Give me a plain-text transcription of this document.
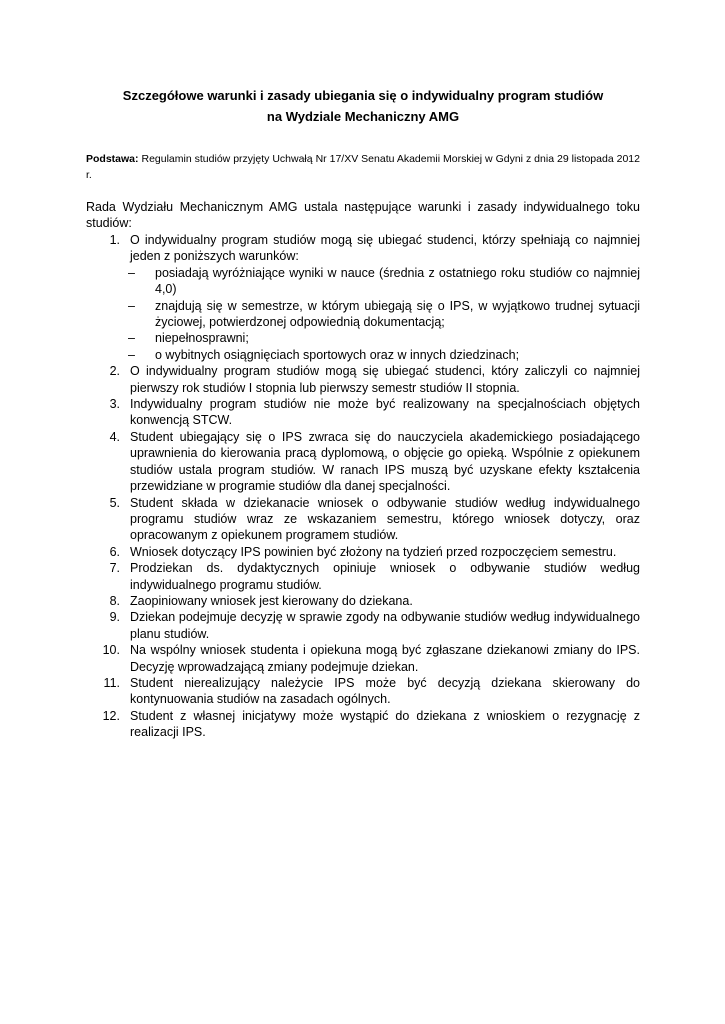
Szczegółowe warunki i zasady ubiegania się o indywidualny program studiów
na Wydziale Mechaniczny AMG
Podstawa: Regulamin studiów przyjęty Uchwałą Nr 17/XV Senatu Akademii Morskiej w Gdyni z dnia 29 listopada 2012 r.
Rada Wydziału Mechanicznym AMG ustala następujące warunki i zasady indywidualnego toku studiów:
1. O indywidualny program studiów mogą się ubiegać studenci, którzy spełniają co najmniej jeden z poniższych warunków:
– posiadają wyróżniające wyniki w nauce (średnia z ostatniego roku studiów co najmniej 4,0)
– znajdują się w semestrze, w którym ubiegają się o IPS, w wyjątkowo trudnej sytuacji życiowej, potwierdzonej odpowiednią dokumentacją;
– niepełnosprawni;
– o wybitnych osiągnięciach sportowych oraz w innych dziedzinach;
2. O indywidualny program studiów mogą się ubiegać studenci, który zaliczyli co najmniej pierwszy rok studiów I stopnia lub pierwszy semestr studiów II stopnia.
3. Indywidualny program studiów nie może być realizowany na specjalnościach objętych konwencją STCW.
4. Student ubiegający się o IPS zwraca się do nauczyciela akademickiego posiadającego uprawnienia do kierowania pracą dyplomową, o objęcie go opieką. Wspólnie z opiekunem studiów ustala program studiów. W ranach IPS muszą być uzyskane efekty kształcenia przewidziane w programie studiów dla danej specjalności.
5. Student składa w dziekanacie wniosek o odbywanie studiów według indywidualnego programu studiów wraz ze wskazaniem semestru, którego wniosek dotyczy, oraz opracowanym z opiekunem programem studiów.
6. Wniosek dotyczący IPS powinien być złożony na tydzień przed rozpoczęciem semestru.
7. Prodziekan ds. dydaktycznych opiniuje wniosek o odbywanie studiów według indywidualnego programu studiów.
8. Zaopiniowany wniosek jest kierowany do dziekana.
9. Dziekan podejmuje decyzję w sprawie zgody na odbywanie studiów według indywidualnego planu studiów.
10. Na wspólny wniosek studenta i opiekuna mogą być zgłaszane dziekanowi zmiany do IPS. Decyzję wprowadzającą zmiany podejmuje dziekan.
11. Student nierealizujący należycie IPS może być decyzją dziekana skierowany do kontynuowania studiów na zasadach ogólnych.
12. Student z własnej inicjatywy może wystąpić do dziekana z wnioskiem o rezygnację z realizacji IPS.
